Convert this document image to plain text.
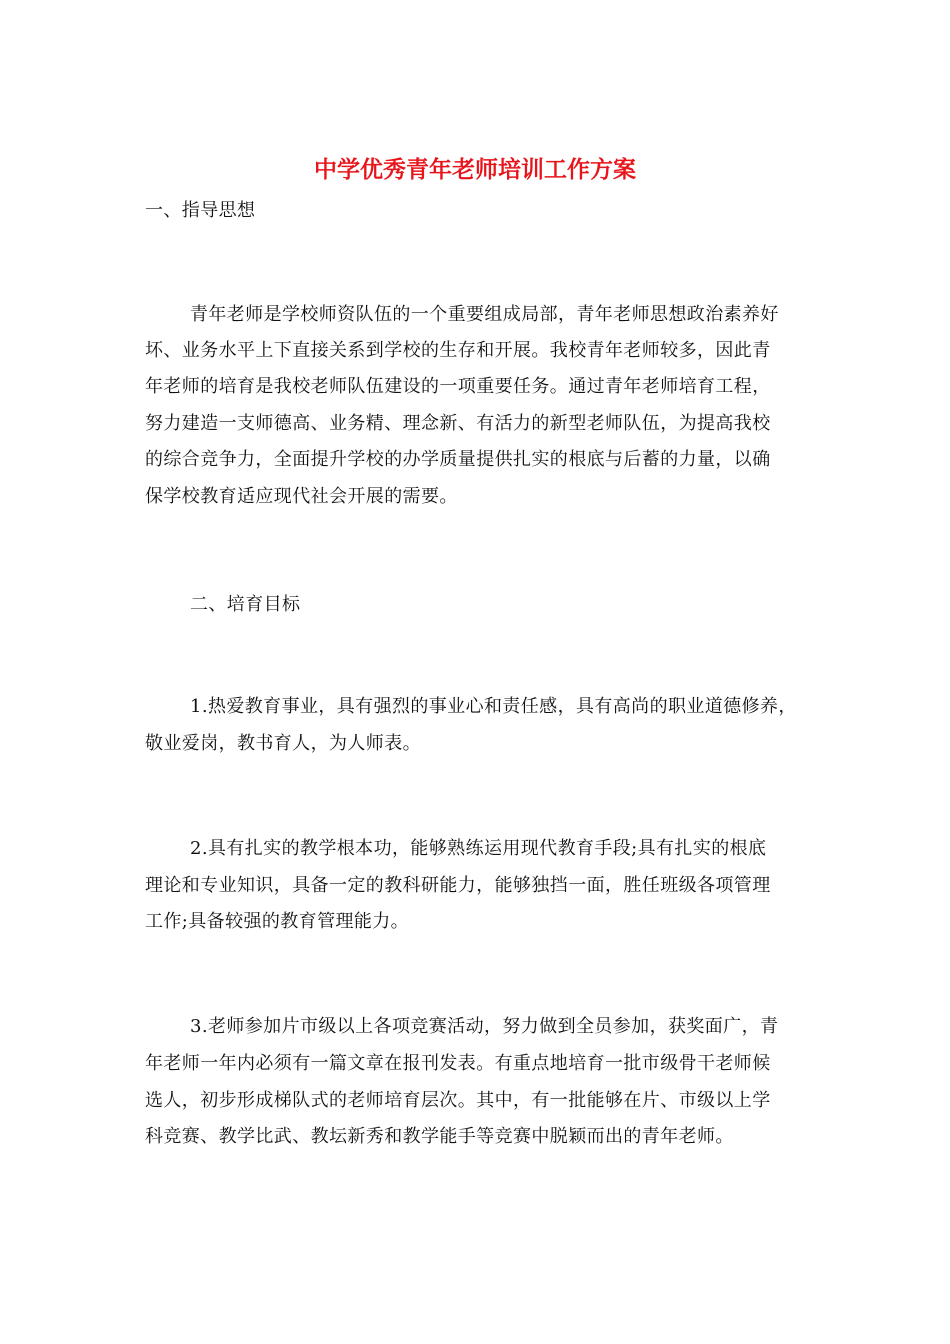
中学优秀青年老师培训工作方案
一、指导思想
青年老师是学校师资队伍的一个重要组成局部，青年老师思想政治素养好
坏、业务水平上下直接关系到学校的生存和开展。我校青年老师较多，因此青
年老师的培育是我校老师队伍建设的一项重要任务。通过青年老师培育工程，
努力建造一支师德高、业务精、理念新、有活力的新型老师队伍，为提高我校
的综合竞争力，全面提升学校的办学质量提供扎实的根底与后蓄的力量，以确
保学校教育适应现代社会开展的需要。
二、培育目标
1.热爱教育事业，具有强烈的事业心和责任感，具有高尚的职业道德修养，
敬业爱岗，教书育人，为人师表。
2.具有扎实的教学根本功，能够熟练运用现代教育手段;具有扎实的根底
理论和专业知识，具备一定的教科研能力，能够独挡一面，胜任班级各项管理
工作;具备较强的教育管理能力。
3.老师参加片市级以上各项竞赛活动，努力做到全员参加，获奖面广，青
年老师一年内必须有一篇文章在报刊发表。有重点地培育一批市级骨干老师候
选人，初步形成梯队式的老师培育层次。其中，有一批能够在片、市级以上学
科竞赛、教学比武、教坛新秀和教学能手等竞赛中脱颖而出的青年老师。
